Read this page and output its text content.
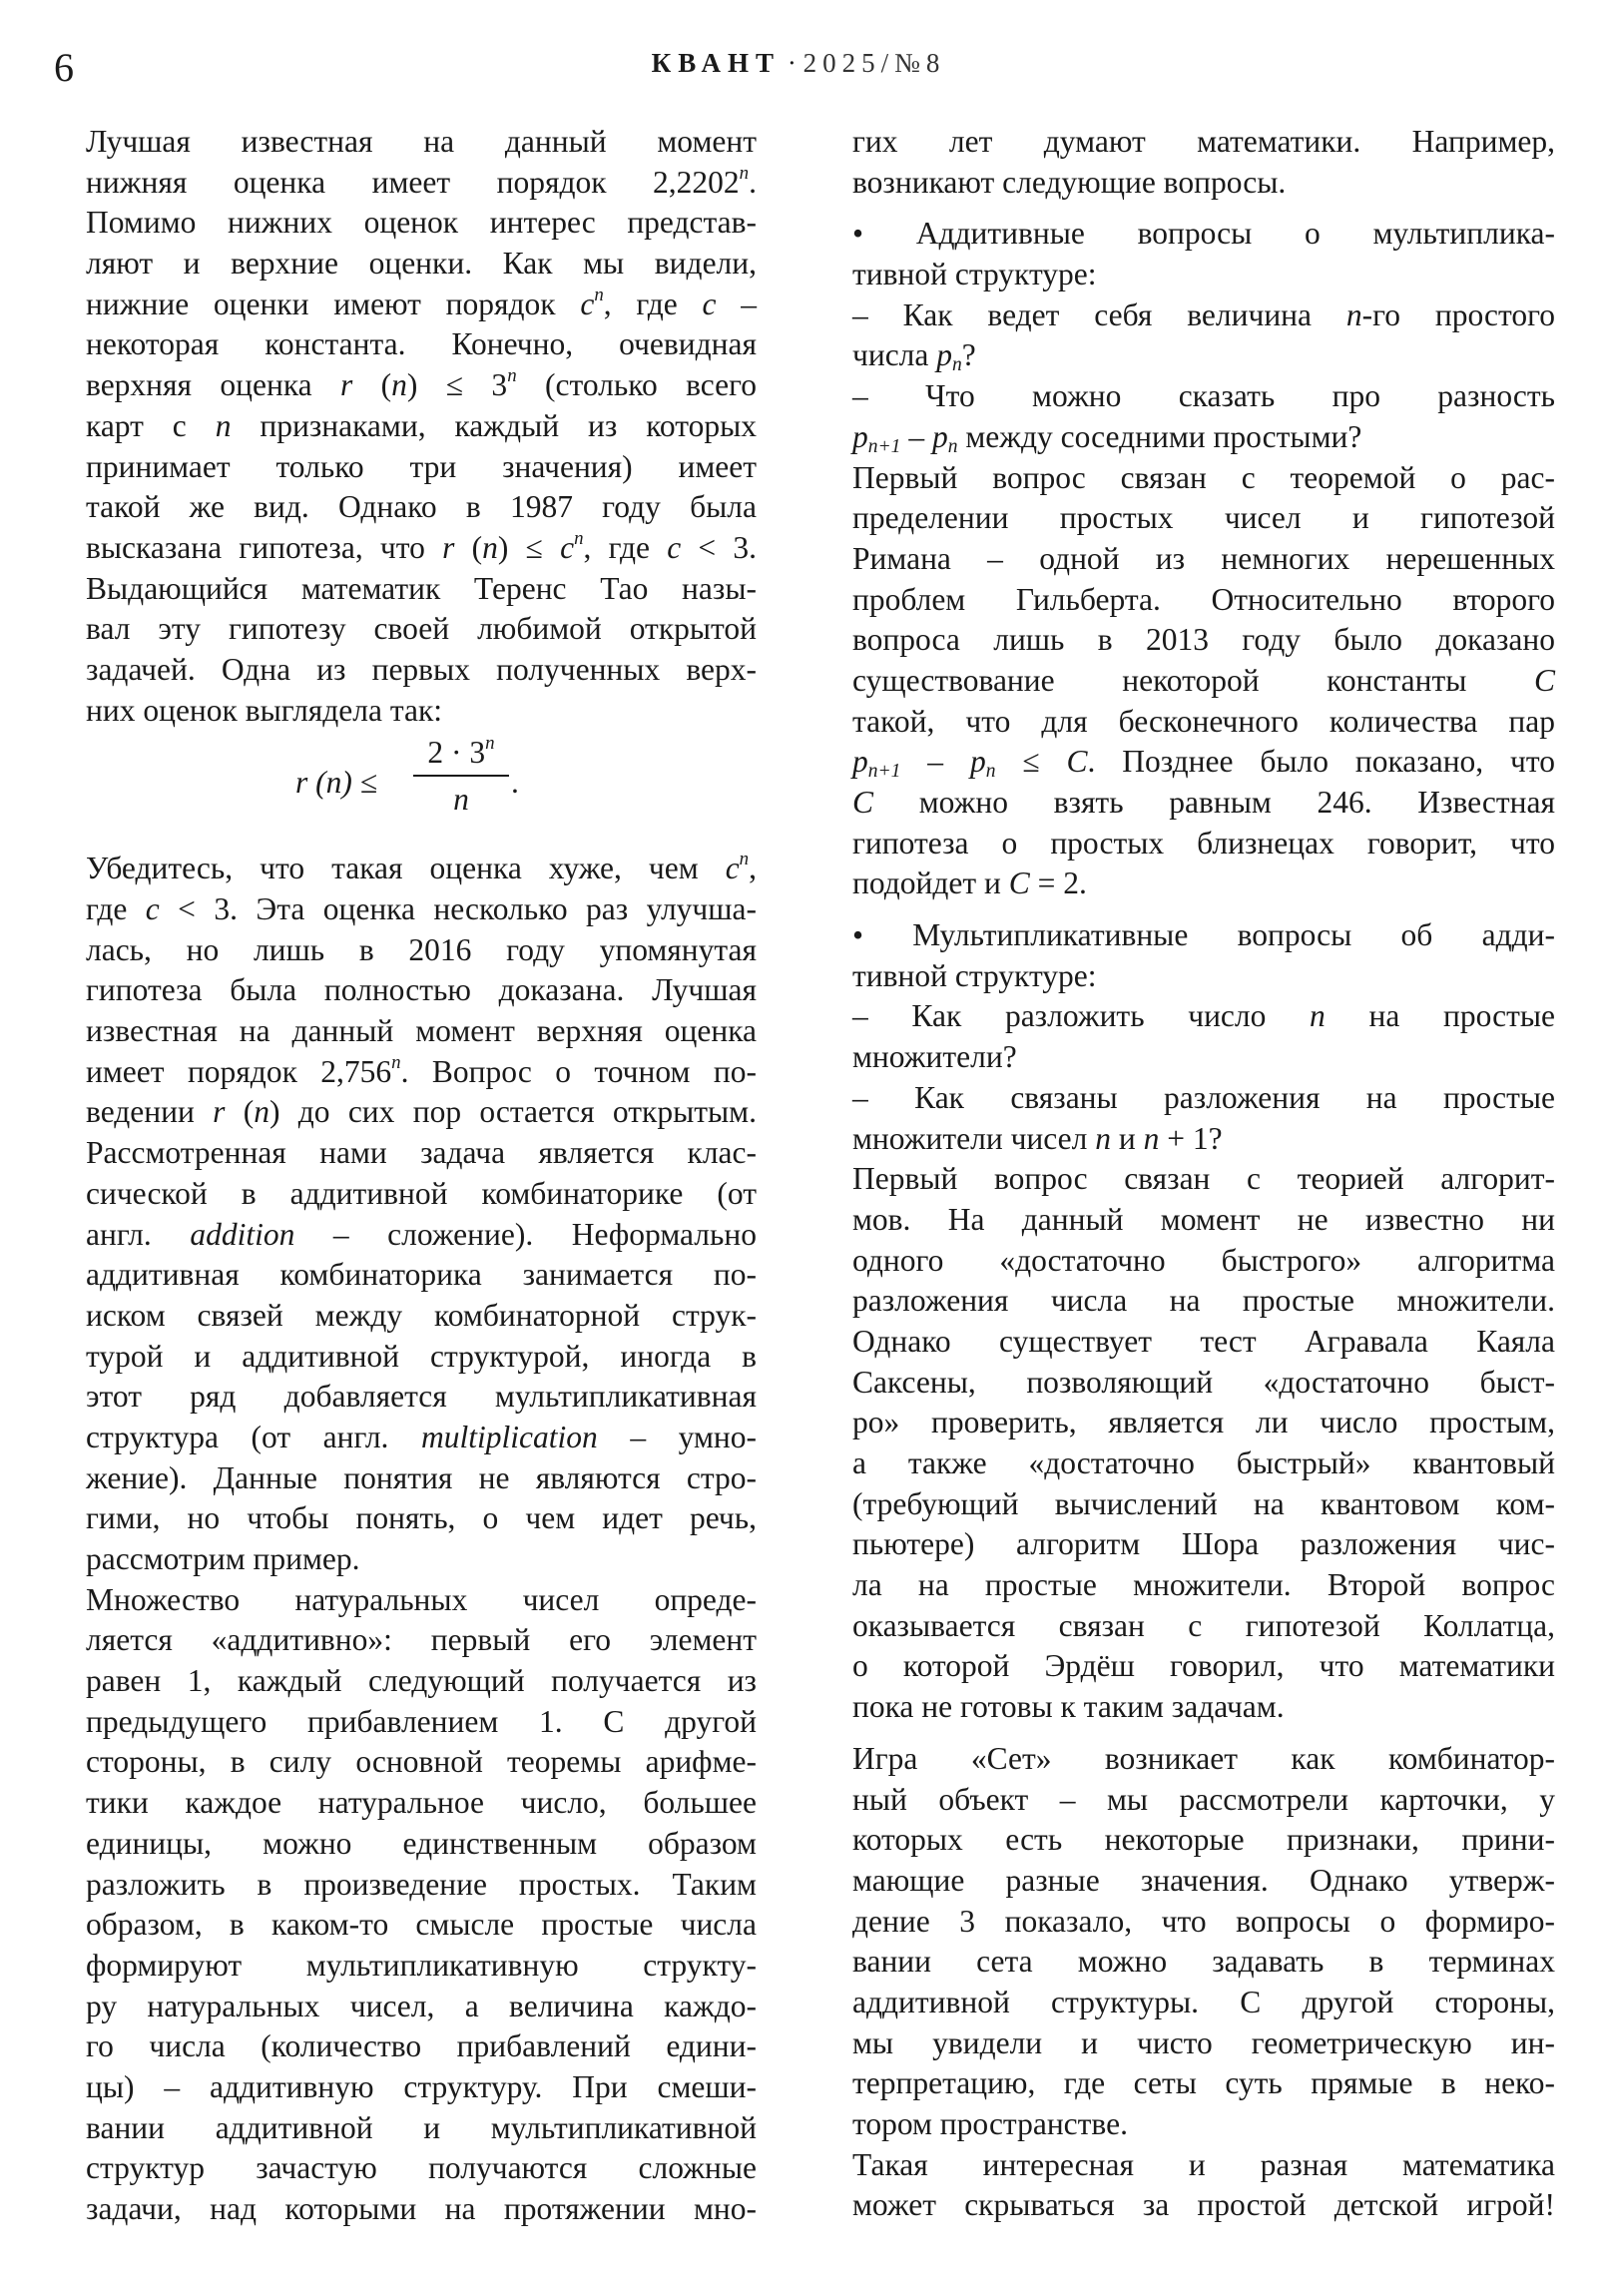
6	КВАНТ · 2025/№8
Лучшая известная на данный момент
нижняя оценка имеет порядок 2,2202$^n$.
Помимо нижних оценок интерес представ-
ляют и верхние оценки. Как мы видели,
нижние оценки имеют порядок $c^n$, где c –
некоторая константа. Конечно, очевидная
верхняя оценка r $(n) \le 3^n$ (столько всего
карт с n признаками, каждый из которых
принимает только три значения) имеет
такой же вид. Однако в 1987 году была
высказана гипотеза, что r $(n) \le c^n$, где c < 3.
Выдающийся математик Теренс Тао назы-
вал эту гипотезу своей любимой открытой
задачей. Одна из первых полученных верх-
них оценок выглядела так:
r $(n) \le \frac{2 \cdot 3^n}{n}$ .
Убедитесь, что такая оценка хуже, чем $c^n$,
где c < 3. Эта оценка несколько раз улучша-
лась, но лишь в 2016 году упомянутая
гипотеза была полностью доказана. Лучшая
известная на данный момент верхняя оценка
имеет порядок 2,756$^n$. Вопрос о точном по-
ведении r (n) до сих пор остается открытым.
Рассмотренная нами задача является клас-
сической в аддитивной комбинаторике (от
англ. addition – сложение). Неформально
аддитивная комбинаторика занимается по-
иском связей между комбинаторной струк-
турой и аддитивной структурой, иногда в
этот ряд добавляется мультипликативная
структура (от англ. multiplication – умно-
жение). Данные понятия не являются стро-
гими, но чтобы понять, о чем идет речь,
рассмотрим пример.
Множество натуральных чисел опреде-
ляется «аддитивно»: первый его элемент
равен 1, каждый следующий получается из
предыдущего прибавлением 1. С другой
стороны, в силу основной теоремы арифме-
тики каждое натуральное число, большее
единицы, можно единственным образом
разложить в произведение простых. Таким
образом, в каком-то смысле простые числа
формируют мультипликативную структу-
ру натуральных чисел, а величина каждо-
го числа (количество прибавлений едини-
цы) – аддитивную структуру. При смеши-
вании аддитивной и мультипликативной
структур зачастую получаются сложные
задачи, над которыми на протяжении мно-
гих лет думают математики. Например,
возникают следующие вопросы.
• Аддитивные вопросы о мультиплика-
тивной структуре:
– Как ведет себя величина n-го простого
числа $p_n$?
– Что можно сказать про разность
$p_{n+1} - p_n$ между соседними простыми?
Первый вопрос связан с теоремой о рас-
пределении простых чисел и гипотезой
Римана – одной из немногих нерешенных
проблем Гильберта. Относительно второго
вопроса лишь в 2013 году было доказано
существование некоторой константы C
такой, что для бесконечного количества пар
$p_{n+1} - p_n \le C$. Позднее было показано, что
C можно взять равным 246. Известная
гипотеза о простых близнецах говорит, что
подойдет и C = 2.
• Мультипликативные вопросы об адди-
тивной структуре:
– Как разложить число n на простые
множители?
– Как связаны разложения на простые
множители чисел n и n + 1?
Первый вопрос связан с теорией алгорит-
мов. На данный момент не известно ни
одного «достаточно быстрого» алгоритма
разложения числа на простые множители.
Однако существует тест Агравала Каяла
Саксены, позволяющий «достаточно быст-
ро» проверить, является ли число простым,
а также «достаточно быстрый» квантовый
(требующий вычислений на квантовом ком-
пьютере) алгоритм Шора разложения чис-
ла на простые множители. Второй вопрос
оказывается связан с гипотезой Коллатца,
о которой Эрдёш говорил, что математики
пока не готовы к таким задачам.
Игра «Сет» возникает как комбинатор-
ный объект – мы рассмотрели карточки, у
которых есть некоторые признаки, прини-
мающие разные значения. Однако утверж-
дение 3 показало, что вопросы о формиро-
вании сета можно задавать в терминах
аддитивной структуры. С другой стороны,
мы увидели и чисто геометрическую ин-
терпретацию, где сеты суть прямые в неко-
тором пространстве.
Такая интересная и разная математика
может скрываться за простой детской игрой!
